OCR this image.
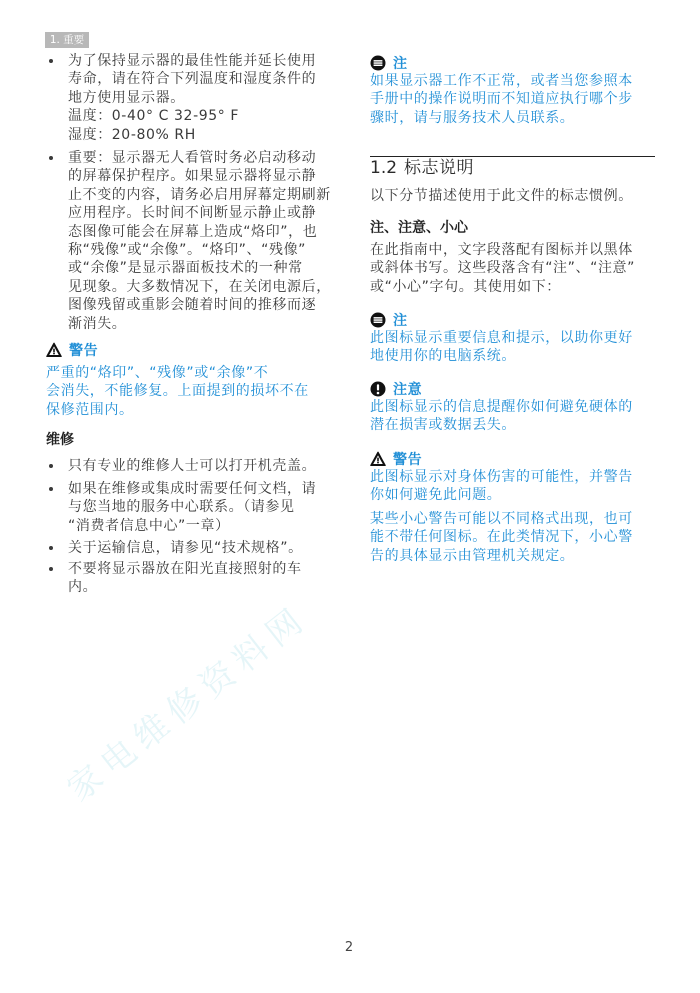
家电维修资料网
1. 重要
为了保持显示器的最佳性能并延长使用
寿命，请在符合下列温度和湿度条件的
地方使用显示器。
温度：0-40° C 32-95° F
湿度：20-80% RH
重要：显示器无人看管时务必启动移动
的屏幕保护程序。如果显示器将显示静
止不变的内容，请务必启用屏幕定期刷新
应用程序。长时间不间断显示静止或静
态图像可能会在屏幕上造成“烙印”，也
称“残像”或“余像”。“烙印”、“残像”
或“余像”是显示器面板技术的一种常
见现象。大多数情况下，在关闭电源后，
图像残留或重影会随着时间的推移而逐
渐消失。
警告
严重的“烙印”、“残像”或“余像”不
会消失，不能修复。上面提到的损坏不在
保修范围内。
维修
只有专业的维修人士可以打开机壳盖。
如果在维修或集成时需要任何文档，请
与您当地的服务中心联系。（请参见
“消费者信息中心”一章）
关于运输信息，请参见“技术规格”。
不要将显示器放在阳光直接照射的车
内。
注
如果显示器工作不正常，或者当您参照本
手册中的操作说明而不知道应执行哪个步
骤时，请与服务技术人员联系。
1.2 标志说明
以下分节描述使用于此文件的标志惯例。
注、注意、小心
在此指南中，文字段落配有图标并以黑体
或斜体书写。这些段落含有“注”、“注意”
或“小心”字句。其使用如下：
注
此图标显示重要信息和提示，以助你更好
地使用你的电脑系统。
注意
此图标显示的信息提醒你如何避免硬体的
潜在损害或数据丢失。
警告
此图标显示对身体伤害的可能性，并警告
你如何避免此问题。
某些小心警告可能以不同格式出现，也可
能不带任何图标。在此类情况下，小心警
告的具体显示由管理机关规定。
2
